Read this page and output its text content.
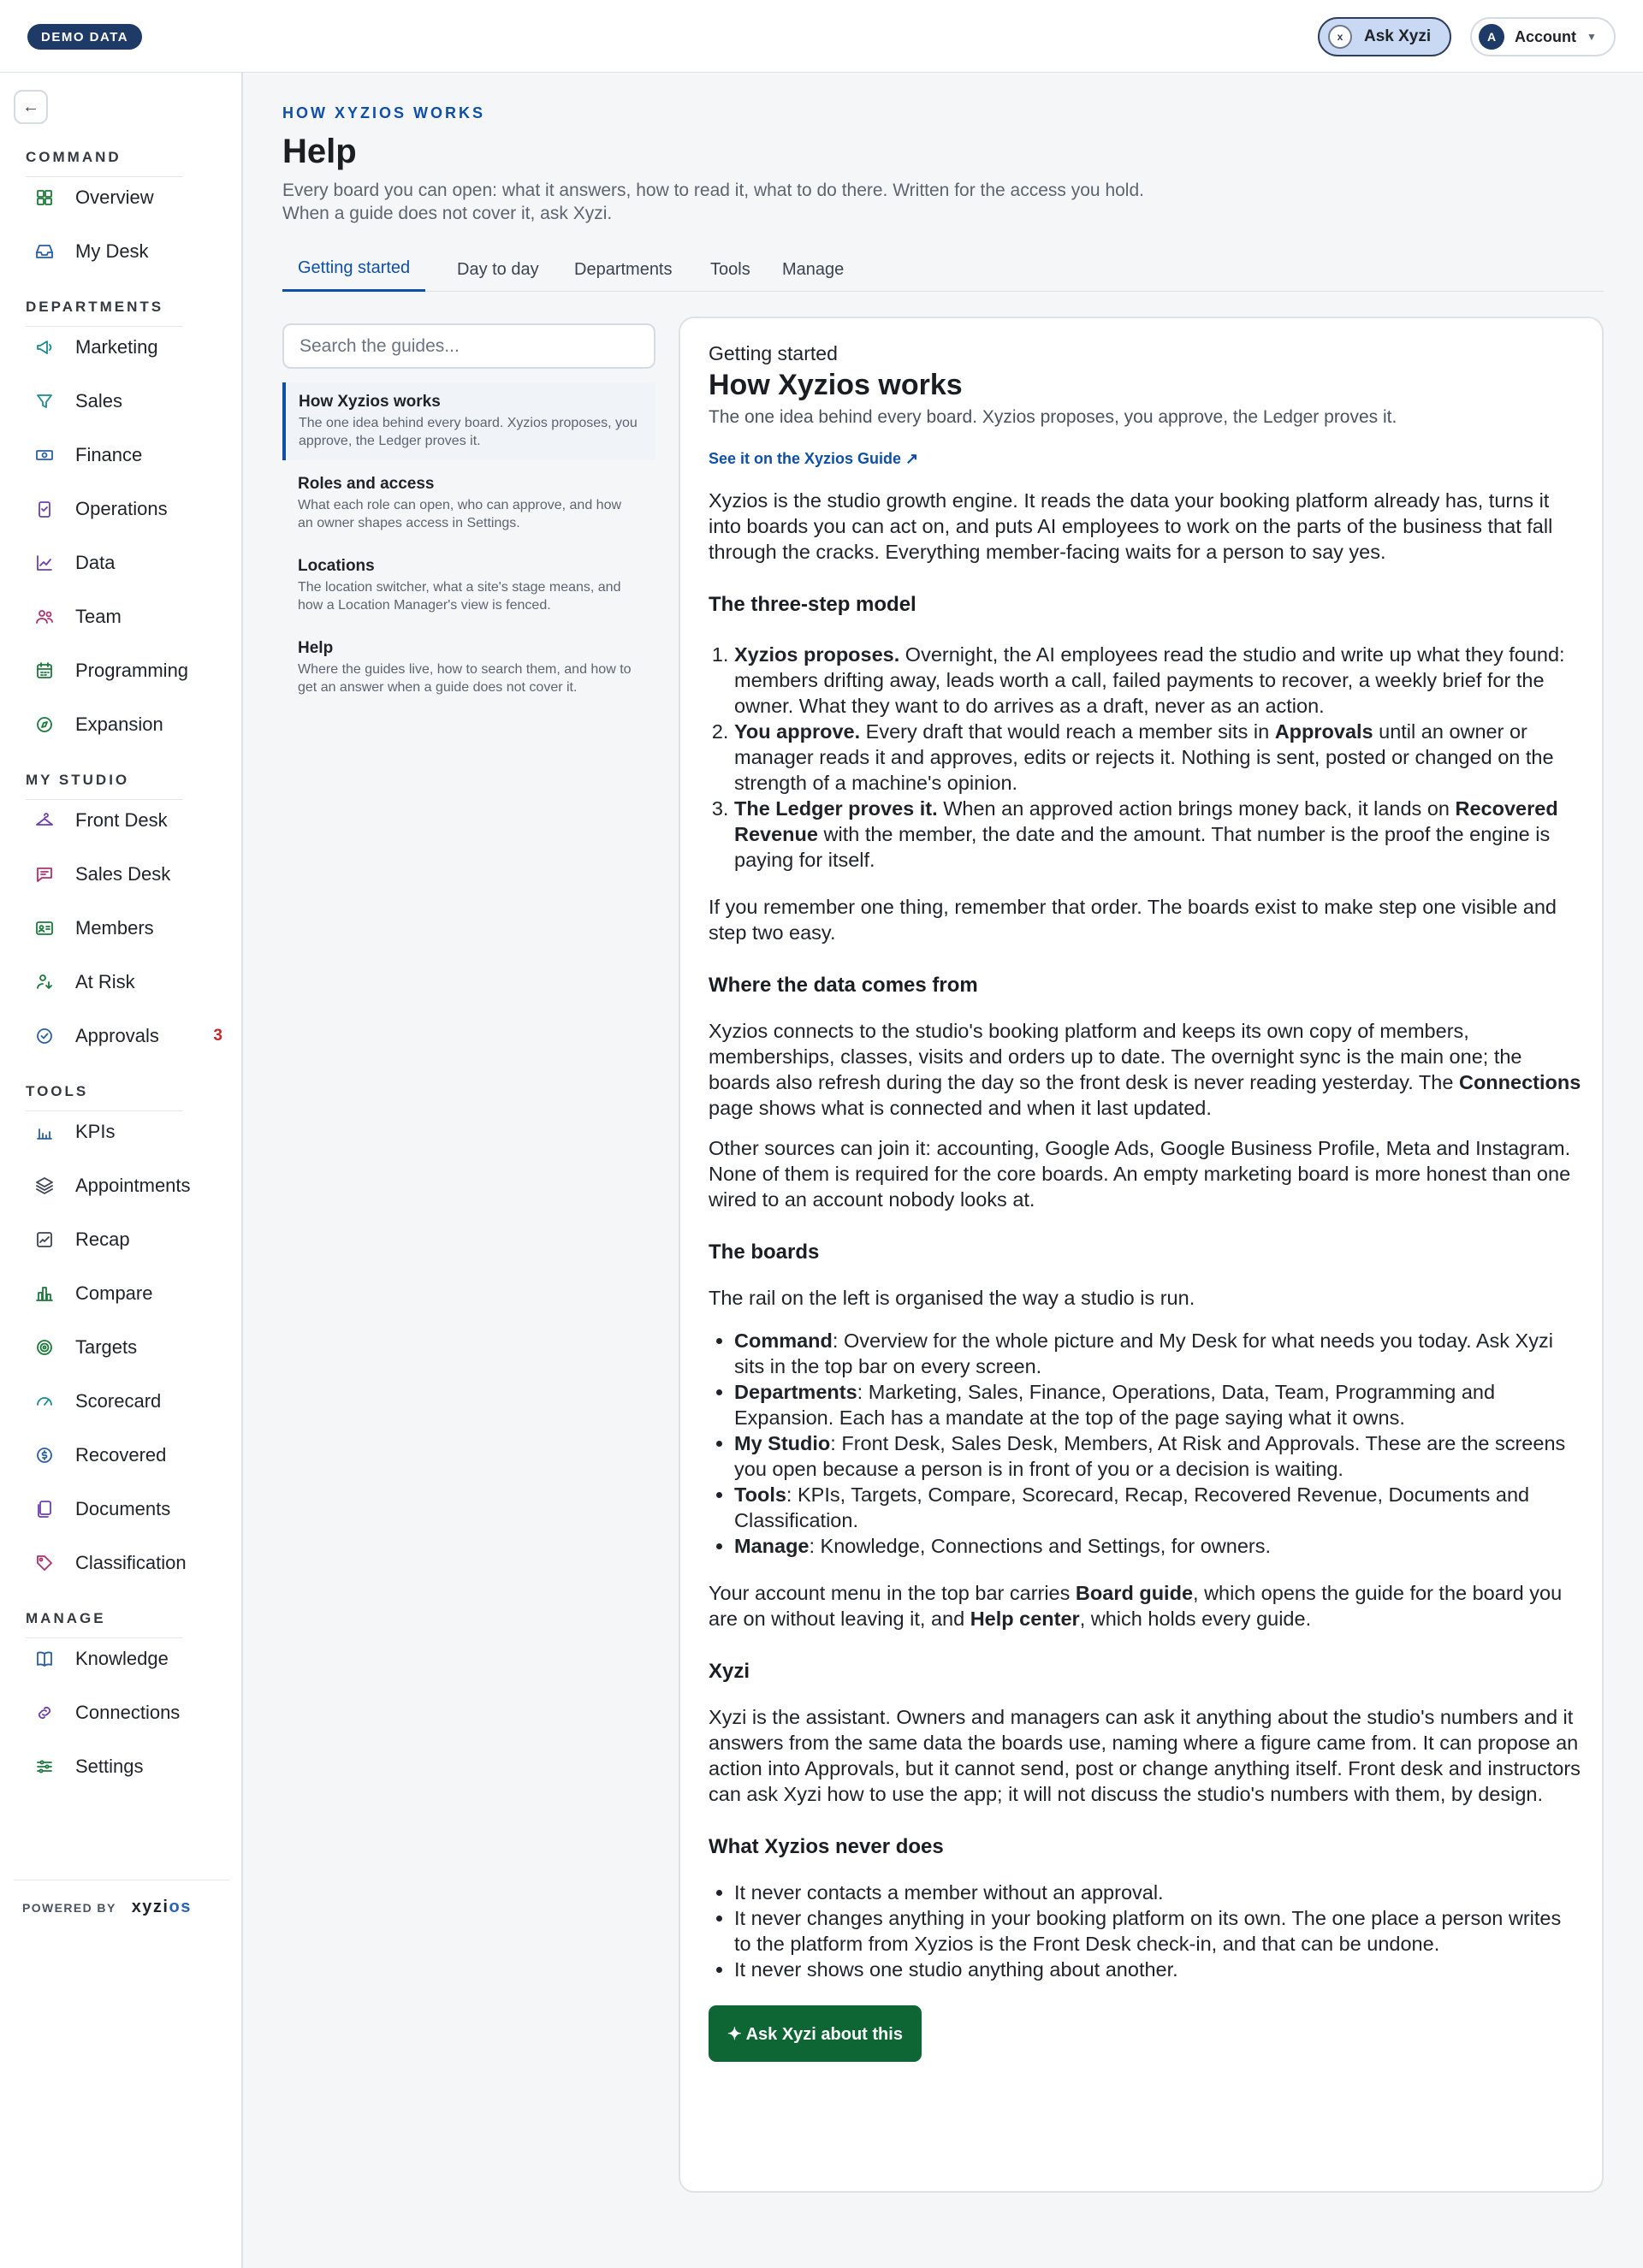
DEMO DATA	x	Ask Xyzi	A	Account ▼
←
COMMAND
Overview
My Desk
DEPARTMENTS
Marketing
Sales
Finance
Operations
Data
Team
Programming
Expansion
MY STUDIO
Front Desk
Sales Desk
Members
At Risk
Approvals	3
TOOLS
KPIs
Appointments
Recap
Compare
Targets
Scorecard
Recovered
Documents
Classification
MANAGE
Knowledge
Connections
Settings
POWERED BY xyzios
HOW XYZIOS WORKS
Help
Every board you can open: what it answers, how to read it, what to do there. Written for the access you hold. When a guide does not cover it, ask Xyzi.
Getting started	Day to day	Departments	Tools	Manage
Search the guides...
How Xyzios works
The one idea behind every board. Xyzios proposes, you approve, the Ledger proves it.
Roles and access
What each role can open, who can approve, and how an owner shapes access in Settings.
Locations
The location switcher, what a site's stage means, and how a Location Manager's view is fenced.
Help
Where the guides live, how to search them, and how to get an answer when a guide does not cover it.
Getting started
How Xyzios works
The one idea behind every board. Xyzios proposes, you approve, the Ledger proves it.
See it on the Xyzios Guide ↗

Xyzios is the studio growth engine. It reads the data your booking platform already has, turns it into boards you can act on, and puts AI employees to work on the parts of the business that fall through the cracks. Everything member-facing waits for a person to say yes.

The three-step model
1. Xyzios proposes. Overnight, the AI employees read the studio and write up what they found: members drifting away, leads worth a call, failed payments to recover, a weekly brief for the owner. What they want to do arrives as a draft, never as an action.
2. You approve. Every draft that would reach a member sits in Approvals until an owner or manager reads it and approves, edits or rejects it. Nothing is sent, posted or changed on the strength of a machine's opinion.
3. The Ledger proves it. When an approved action brings money back, it lands on Recovered Revenue with the member, the date and the amount. That number is the proof the engine is paying for itself.

If you remember one thing, remember that order. The boards exist to make step one visible and step two easy.

Where the data comes from

Xyzios connects to the studio's booking platform and keeps its own copy of members, memberships, classes, visits and orders up to date. The overnight sync is the main one; the boards also refresh during the day so the front desk is never reading yesterday. The Connections page shows what is connected and when it last updated.

Other sources can join it: accounting, Google Ads, Google Business Profile, Meta and Instagram. None of them is required for the core boards. An empty marketing board is more honest than one wired to an account nobody looks at.

The boards

The rail on the left is organised the way a studio is run.

• Command: Overview for the whole picture and My Desk for what needs you today. Ask Xyzi sits in the top bar on every screen.
• Departments: Marketing, Sales, Finance, Operations, Data, Team, Programming and Expansion. Each has a mandate at the top of the page saying what it owns.
• My Studio: Front Desk, Sales Desk, Members, At Risk and Approvals. These are the screens you open because a person is in front of you or a decision is waiting.
• Tools: KPIs, Targets, Compare, Scorecard, Recap, Recovered Revenue, Documents and Classification.
• Manage: Knowledge, Connections and Settings, for owners.

Your account menu in the top bar carries Board guide, which opens the guide for the board you are on without leaving it, and Help center, which holds every guide.

Xyzi

Xyzi is the assistant. Owners and managers can ask it anything about the studio's numbers and it answers from the same data the boards use, naming where a figure came from. It can propose an action into Approvals, but it cannot send, post or change anything itself. Front desk and instructors can ask Xyzi how to use the app; it will not discuss the studio's numbers with them, by design.

What Xyzios never does
• It never contacts a member without an approval.
• It never changes anything in your booking platform on its own. The one place a person writes to the platform from Xyzios is the Front Desk check-in, and that can be undone.
• It never shows one studio anything about another.
✦ Ask Xyzi about this
